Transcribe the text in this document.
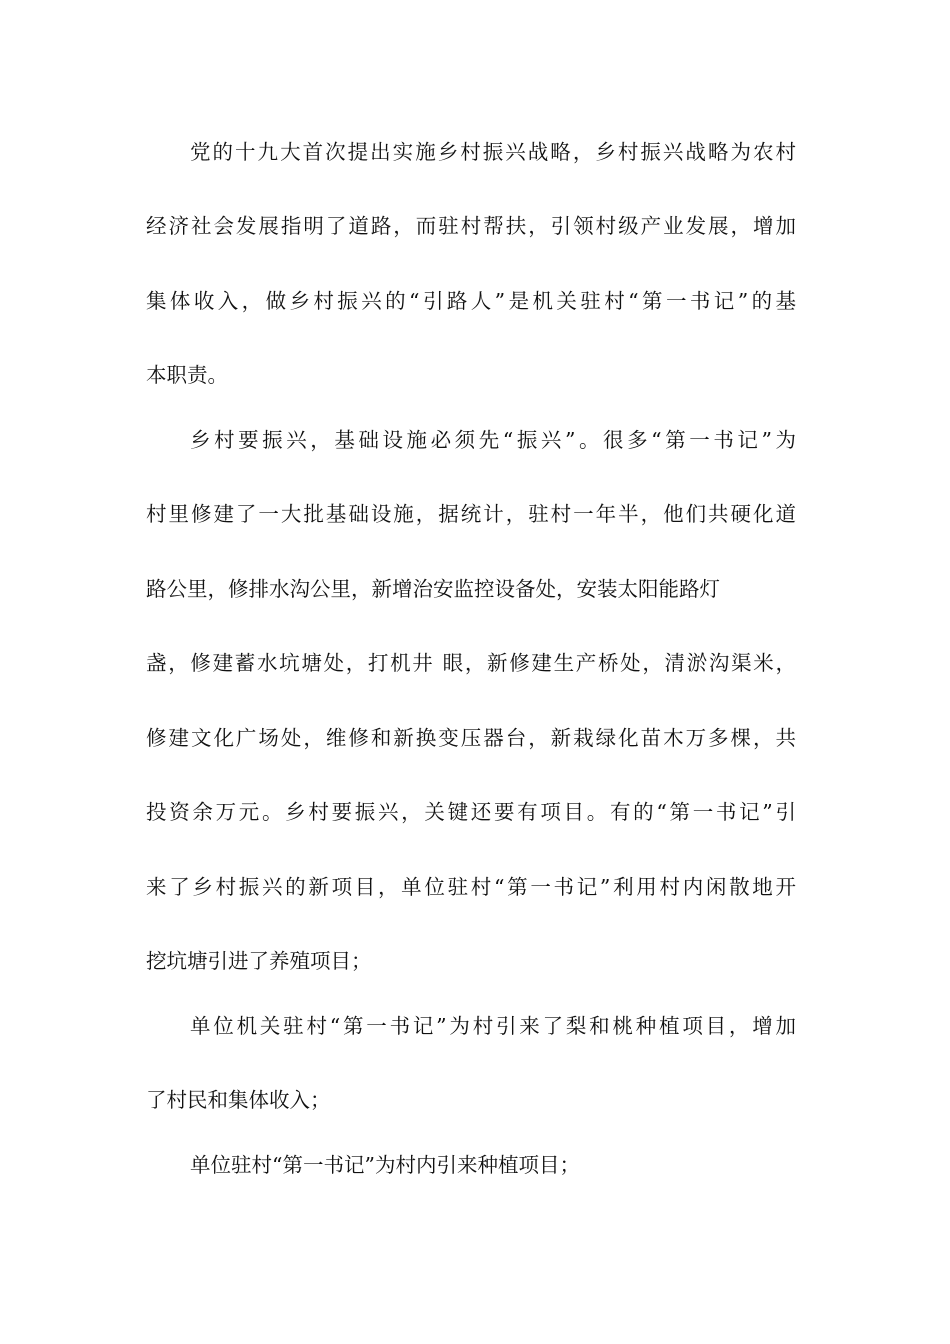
党的十九大首次提出实施乡村振兴战略，乡村振兴战略为农村
经济社会发展指明了道路，而驻村帮扶，引领村级产业发展，增加
集体收入，做乡村振兴的“引路人”是机关驻村“第一书记”的基
本职责。
乡村要振兴，基础设施必须先“振兴”。很多“第一书记”为
村里修建了一大批基础设施，据统计，驻村一年半，他们共硬化道
路公里，修排水沟公里，新增治安监控设备处，安装太阳能路灯
盏，修建蓄水坑塘处，打机井 眼，新修建生产桥处，清淤沟渠米，
修建文化广场处，维修和新换变压器台，新栽绿化苗木万多棵，共
投资余万元。乡村要振兴，关键还要有项目。有的“第一书记”引
来了乡村振兴的新项目，单位驻村“第一书记”利用村内闲散地开
挖坑塘引进了养殖项目；
单位机关驻村“第一书记”为村引来了梨和桃种植项目，增加
了村民和集体收入；
单位驻村“第一书记”为村内引来种植项目；
